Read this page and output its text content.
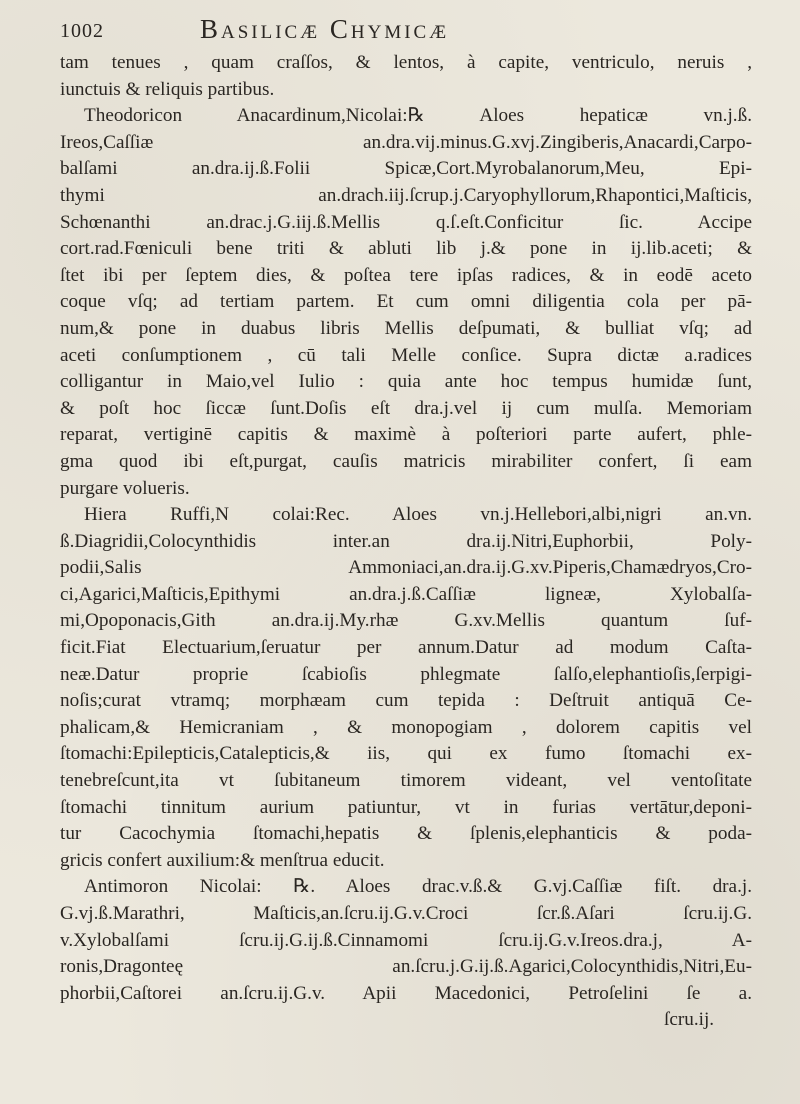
1002	Basilicæ Chymicæ
tam tenues , quam craſſos, & lentos, à capite, ventriculo, neruis ,
iunctuis & reliquis partibus.
Theodoricon Anacardinum,Nicolai:℞ Aloes hepaticæ vn.j.ß.
Ireos,Caſſiæ an.dra.vij.minus.G.xvj.Zingiberis,Anacardi,Carpo-
balſami an.dra.ij.ß.Folii Spicæ,Cort.Myrobalanorum,Meu, Epi-
thymi an.drach.iij.ſcrup.j.Caryophyllorum,Rhapontici,Maſticis,
Schœnanthi an.drac.j.G.iij.ß.Mellis q.ſ.eſt.Conficitur ſic. Accipe
cort.rad.Fœniculi bene triti & abluti lib j.& pone in ij.lib.aceti; &
ſtet ibi per ſeptem dies, & poſtea tere ipſas radices, & in eodē aceto
coque vſq; ad tertiam partem. Et cum omni diligentia cola per pā-
num,& pone in duabus libris Mellis deſpumati, & bulliat vſq; ad
aceti conſumptionem , cū tali Melle conſice. Supra dictæ a.radices
colligantur in Maio,vel Iulio : quia ante hoc tempus humidæ ſunt,
& poſt hoc ſiccæ ſunt.Doſis eſt dra.j.vel ij cum mulſa. Memoriam
reparat, vertiginē capitis & maximè à poſteriori parte aufert, phle-
gma quod ibi eſt,purgat, cauſis matricis mirabiliter confert, ſi eam
purgare volueris.
Hiera Ruffi,N colai:Rec. Aloes vn.j.Hellebori,albi,nigri an.vn.
ß.Diagridii,Colocynthidis inter.an dra.ij.Nitri,Euphorbii, Poly-
podii,Salis Ammoniaci,an.dra.ij.G.xv.Piperis,Chamædryos,Cro-
ci,Agarici,Maſticis,Epithymi an.dra.j.ß.Caſſiæ ligneæ, Xylobalſa-
mi,Opoponacis,Gith an.dra.ij.My.rhæ G.xv.Mellis quantum ſuf-
ficit.Fiat Electuarium,ſeruatur per annum.Datur ad modum Caſta-
neæ.Datur proprie ſcabioſis phlegmate ſalſo,elephantioſis,ſerpigi-
noſis;curat vtramq; morphæam cum tepida : Deſtruit antiquā Ce-
phalicam,& Hemicraniam , & monopogiam , dolorem capitis vel
ſtomachi:Epilepticis,Catalepticis,& iis, qui ex fumo ſtomachi ex-
tenebreſcunt,ita vt ſubitaneum timorem videant, vel ventoſitate
ſtomachi tinnitum aurium patiuntur, vt in furias vertātur,deponi-
tur Cacochymia ſtomachi,hepatis & ſplenis,elephanticis & poda-
gricis confert auxilium:& menſtrua educit.
Antimoron Nicolai: ℞. Aloes drac.v.ß.& G.vj.Caſſiæ fiſt. dra.j.
G.vj.ß.Marathri, Maſticis,an.ſcru.ij.G.v.Croci ſcr.ß.Aſari ſcru.ij.G.
v.Xylobalſami ſcru.ij.G.ij.ß.Cinnamomi ſcru.ij.G.v.Ireos.dra.j, A-
ronis,Dragonteę an.ſcru.j.G.ij.ß.Agarici,Colocynthidis,Nitri,Eu-
phorbii,Caſtorei an.ſcru.ij.G.v. Apii Macedonici, Petroſelini ſe a.
ſcru.ij.
